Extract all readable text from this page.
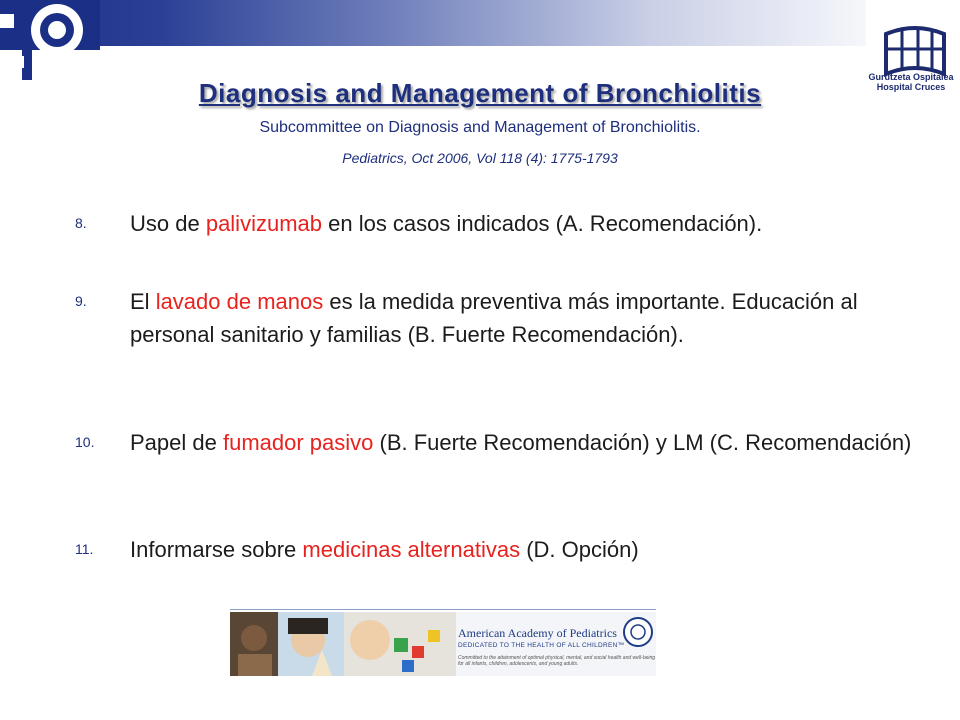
Gurutzeta Ospitalea
Hospital Cruces
Diagnosis and Management of Bronchiolitis
Subcommittee on Diagnosis and Management of Bronchiolitis.
Pediatrics, Oct 2006, Vol 118 (4): 1775-1793
8. Uso de palivizumab en los casos indicados (A. Recomendación).
9. El lavado de manos es la medida preventiva más importante. Educación al personal sanitario y familias (B. Fuerte Recomendación).
10. Papel de fumador pasivo (B. Fuerte Recomendación) y LM (C. Recomendación)
11. Informarse sobre medicinas alternativas (D. Opción)
American Academy of Pediatrics
DEDICATED TO THE HEALTH OF ALL CHILDREN™
Committed to the attainment of optimal physical, mental, and social health and well-being for all infants, children, adolescents, and young adults.
